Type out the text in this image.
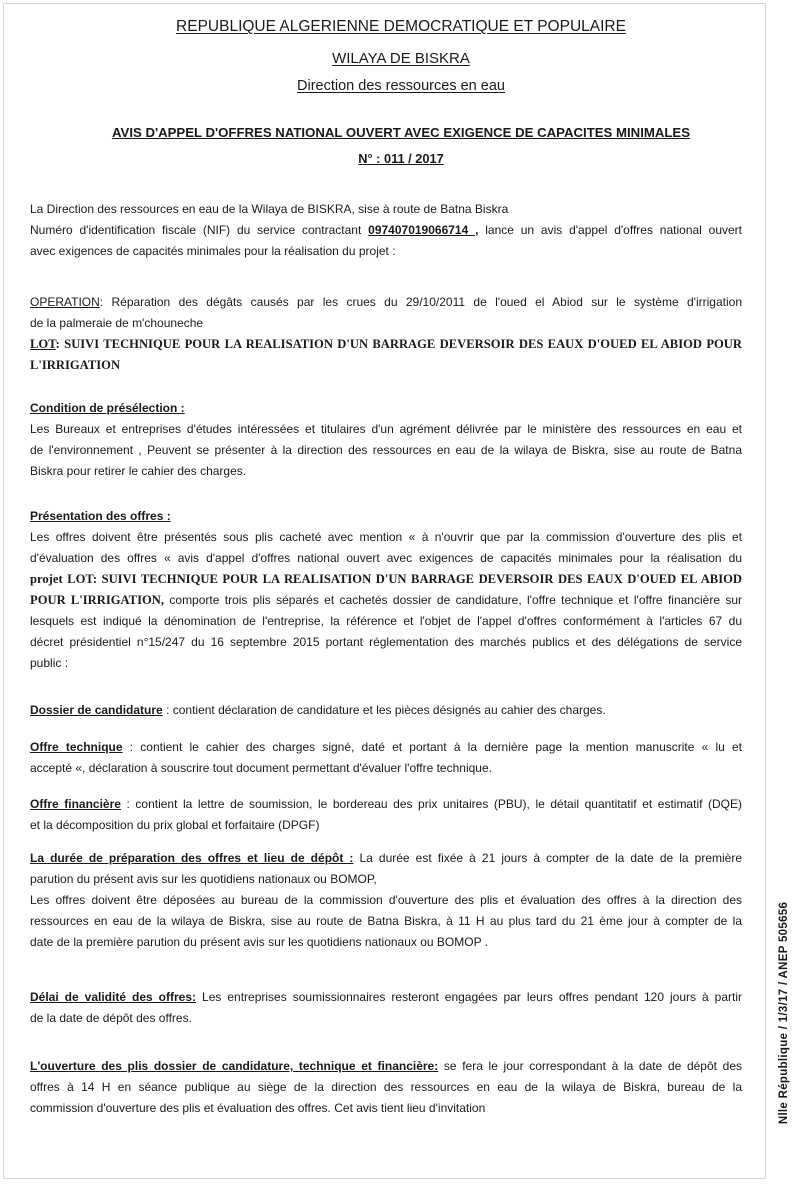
REPUBLIQUE ALGERIENNE DEMOCRATIQUE ET POPULAIRE
WILAYA DE BISKRA
Direction des ressources en eau
AVIS D'APPEL D'OFFRES NATIONAL OUVERT AVEC EXIGENCE DE CAPACITES MINIMALES
N° : 011 / 2017
La Direction des ressources en eau de la Wilaya de BISKRA, sise à route de Batna Biskra
Numéro d'identification fiscale (NIF) du service contractant 097407019066714 , lance un avis d'appel d'offres national ouvert
avec exigences de capacités minimales pour la réalisation du projet :
OPERATION: Réparation des dégâts causés par les crues du 29/10/2011 de l'oued el Abiod sur le système d'irrigation
de la palmeraie de m'chouneche
LOT: SUIVI TECHNIQUE POUR LA REALISATION D'UN BARRAGE DEVERSOIR DES EAUX D'OUED EL ABIOD POUR
L'IRRIGATION
Condition de présélection :
Les Bureaux et entreprises d'études intéressées et titulaires d'un agrément délivrée par le ministère des ressources en eau et
de l'environnement , Peuvent se présenter à la direction des ressources en eau de la wilaya de Biskra, sise au route de Batna
Biskra pour retirer le cahier des charges.
Présentation des offres :
Les offres doivent être présentés sous plis cacheté avec mention « à n'ouvrir que par la commission d'ouverture des plis et
d'évaluation des offres « avis d'appel d'offres national ouvert avec exigences de capacités minimales pour la réalisation du
projet LOT: SUIVI TECHNIQUE POUR LA REALISATION D'UN BARRAGE DEVERSOIR DES EAUX D'OUED EL ABIOD
POUR L'IRRIGATION, comporte trois plis séparés et cachetés dossier de candidature, l'offre technique et l'offre financière sur
lesquels est indiqué la dénomination de l'entreprise, la référence et l'objet de l'appel d'offres conformément à l'articles 67 du
décret présidentiel n°15/247 du 16 septembre 2015 portant réglementation des marchés publics et des délégations de service
public :
Dossier de candidature : contient déclaration de candidature et les pièces désignés au cahier des charges.
Offre technique : contient le cahier des charges signé, daté et portant à la dernière page la mention manuscrite « lu et
accepté «, déclaration à souscrire tout document permettant d'évaluer l'offre technique.
Offre financière : contient la lettre de soumission, le bordereau des prix unitaires (PBU), le détail quantitatif et estimatif (DQE)
et la décomposition du prix global et forfaitaire (DPGF)
La durée de préparation des offres et lieu de dépôt : La durée est fixée à 21 jours à compter de la date de la première
parution du présent avis sur les quotidiens nationaux ou BOMOP,
Les offres doivent être déposées au bureau de la commission d'ouverture des plis et évaluation des offres à la direction des
ressources en eau de la wilaya de Biskra, sise au route de Batna Biskra, à 11 H au plus tard du 21 ème jour à compter de la
date de la première parution du présent avis sur les quotidiens nationaux ou BOMOP .
Délai de validité des offres: Les entreprises soumissionnaires resteront engagées par leurs offres pendant 120 jours à partir
de la date de dépôt des offres.
L'ouverture des plis dossier de candidature, technique et financière: se fera le jour correspondant à la date de dépôt des
offres à 14 H en séance publique au siège de la direction des ressources en eau de la wilaya de Biskra, bureau de la
commission d'ouverture des plis et évaluation des offres. Cet avis tient lieu d'invitation	Nlle République / 1/3/17 / ANEP 505656
